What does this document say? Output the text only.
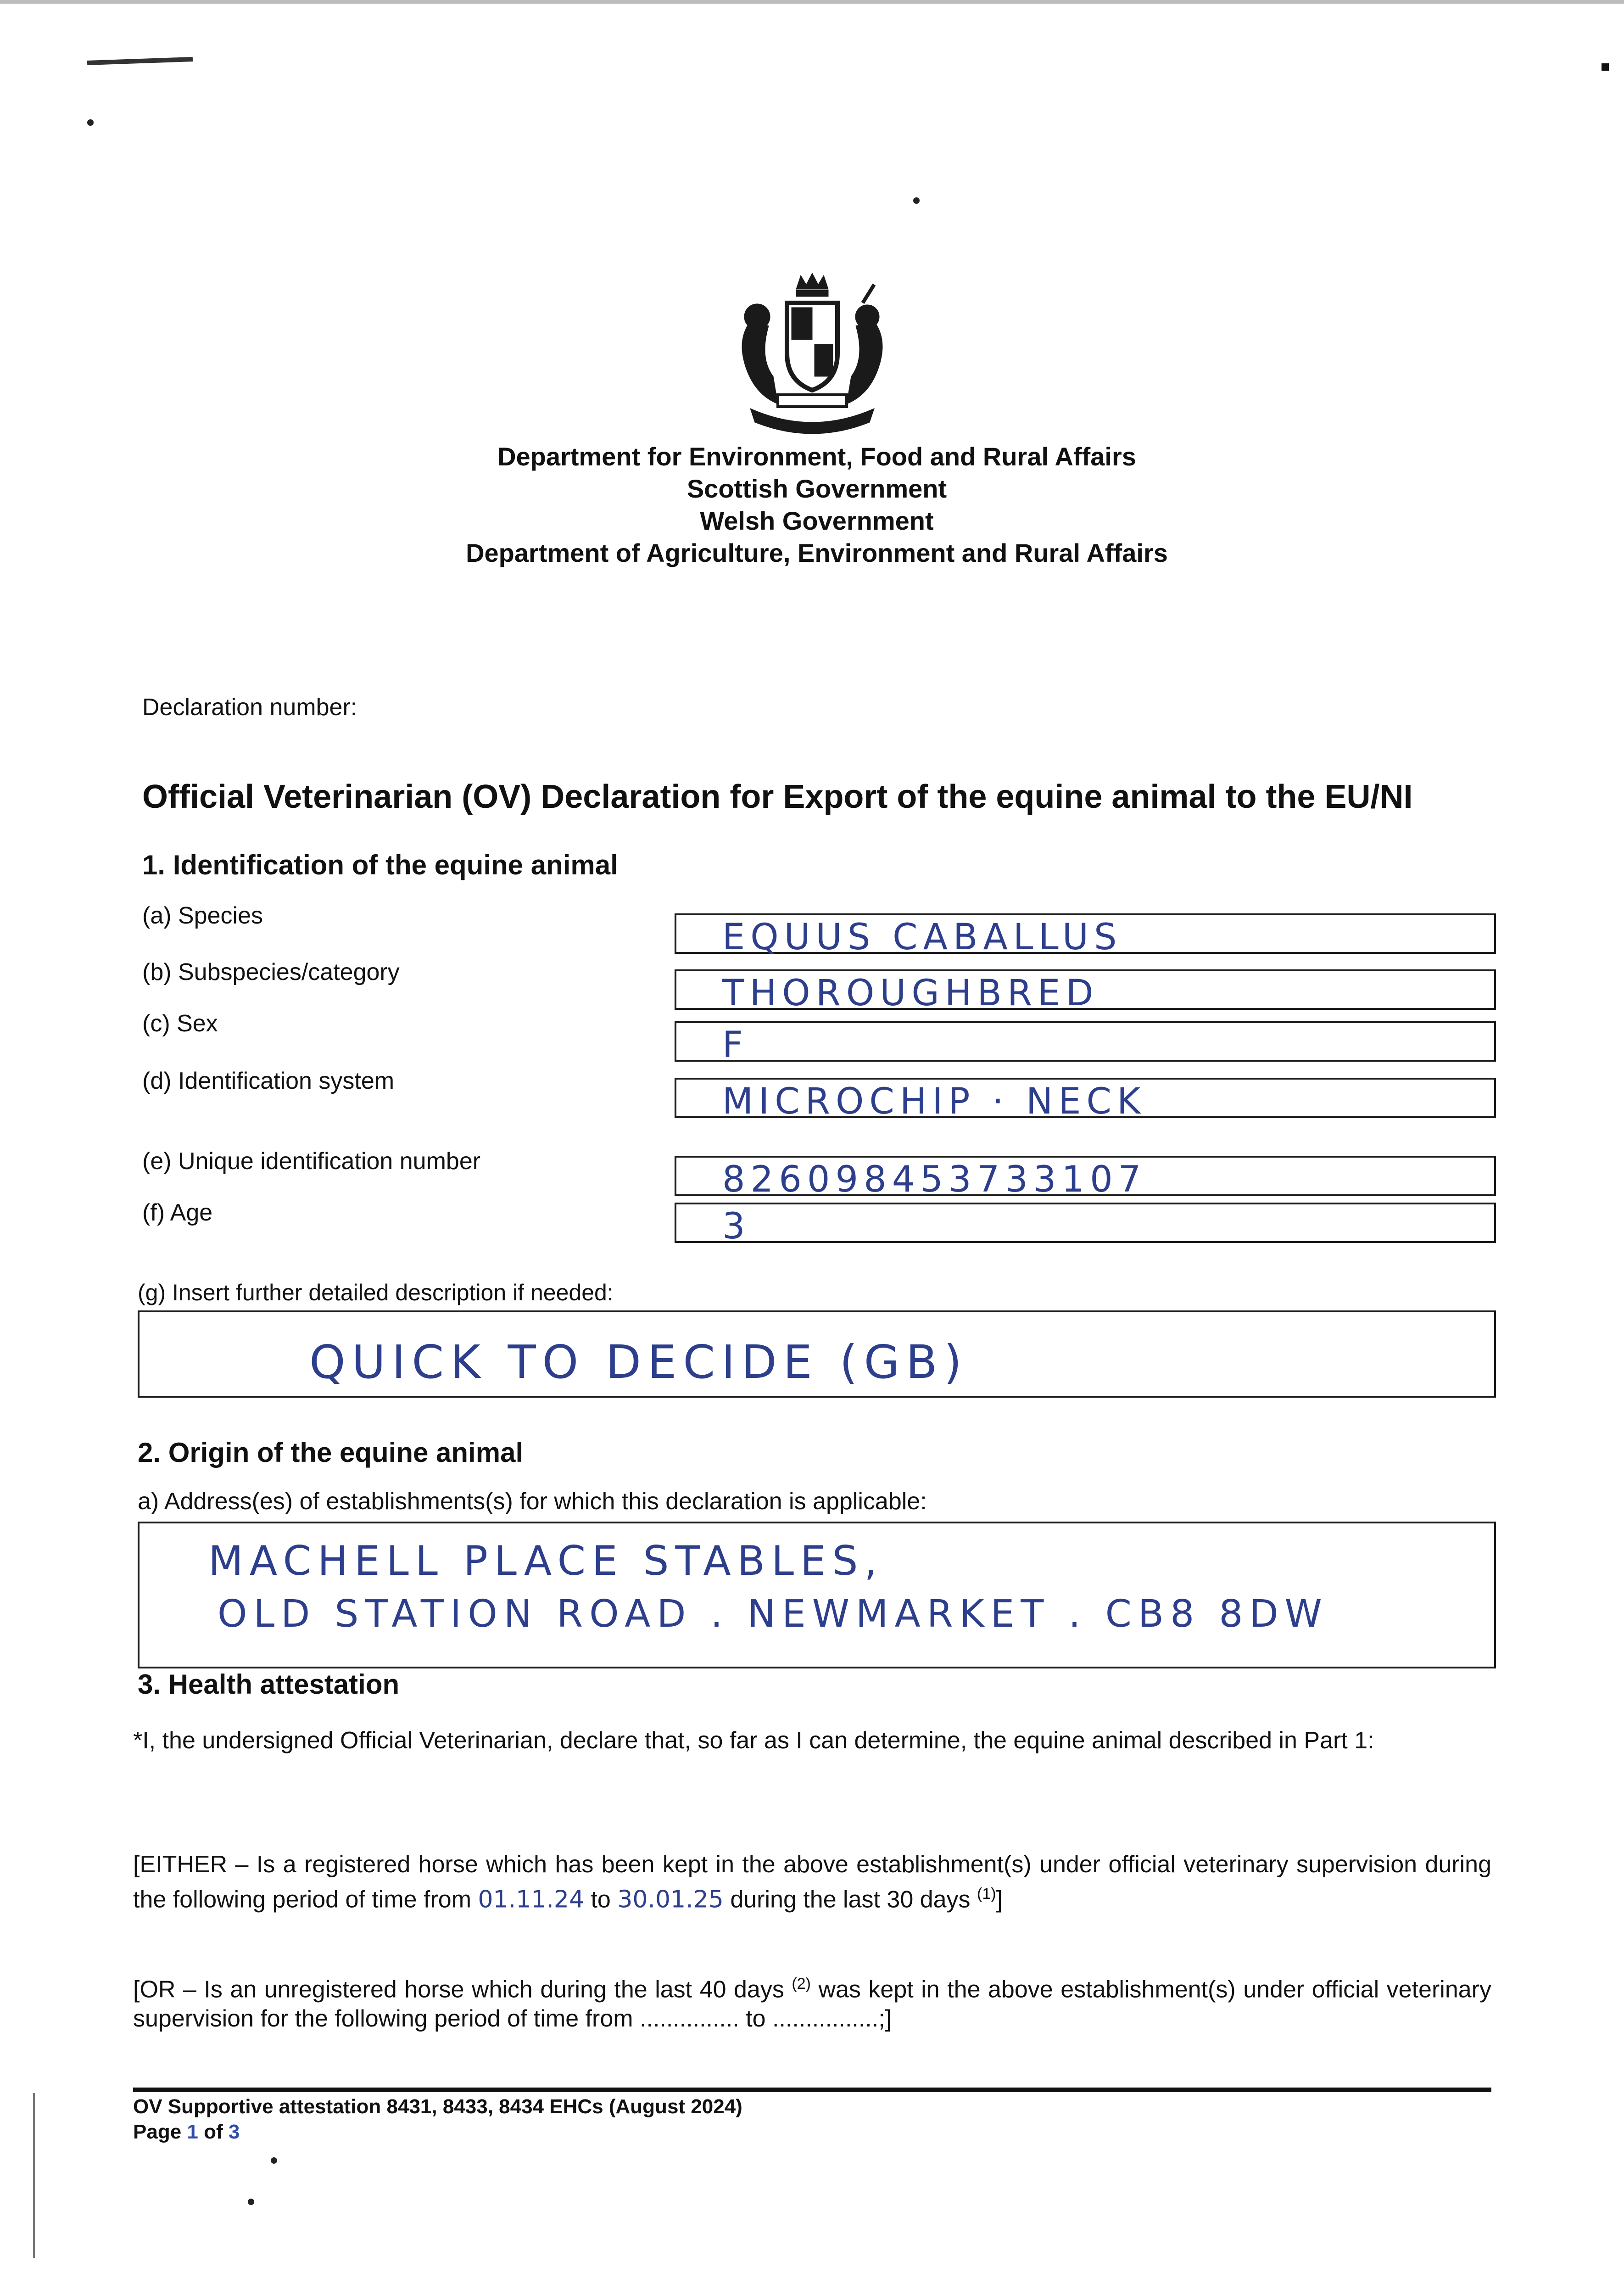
Department for Environment, Food and Rural Affairs
Scottish Government
Welsh Government
Department of Agriculture, Environment and Rural Affairs
Declaration number:
Official Veterinarian (OV) Declaration for Export of the equine animal to the EU/NI
1. Identification of the equine animal
(a) Species
EQUUS CABALLUS
(b) Subspecies/category
THOROUGHBRED
(c) Sex
F
(d) Identification system	MICROCHIP · NECK
(e) Unique identification number	826098453733107
(f) Age	3
(g) Insert further detailed description if needed:
QUICK TO DECIDE (GB)
2. Origin of the equine animal
a) Address(es) of establishments(s) for which this declaration is applicable:
MACHELL PLACE STABLES,
OLD STATION ROAD . NEWMARKET . CB8 8DW
3. Health attestation
*I, the undersigned Official Veterinarian, declare that, so far as I can determine, the equine animal described in Part 1:
[EITHER – Is a registered horse which has been kept in the above establishment(s) under official veterinary supervision during the following period of time from 01.11.24 to 30.01.25 during the last 30 days $^{(1)}$]
[OR – Is an unregistered horse which during the last 40 days $^{(2)}$ was kept in the above establishment(s) under official veterinary supervision for the following period of time from ............... to ................;]
OV Supportive attestation 8431, 8433, 8434 EHCs (August 2024)
Page 1 of 3
